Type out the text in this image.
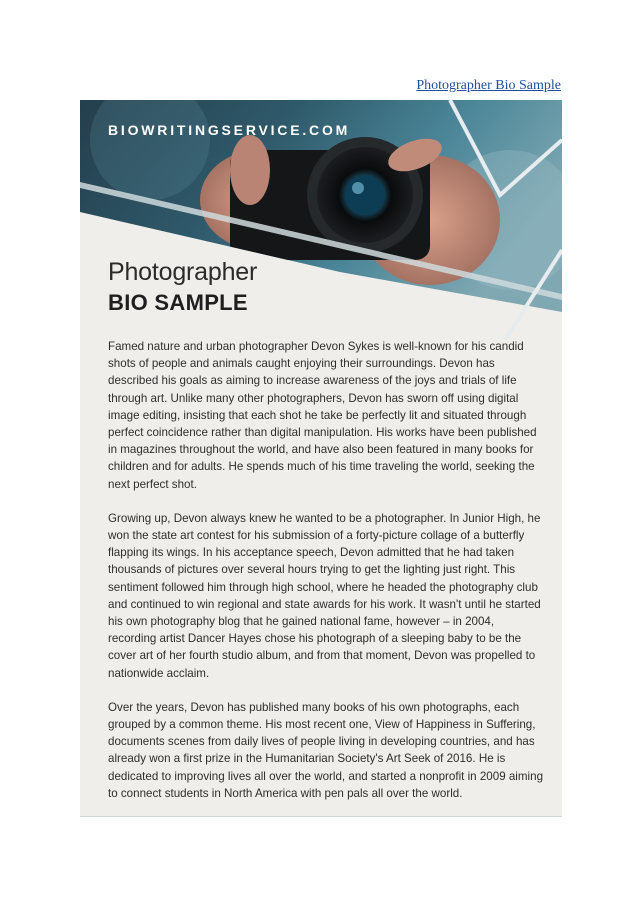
Photographer Bio Sample
BIOWRITINGSERVICE.COM
Photographer
BIO SAMPLE

Famed nature and urban photographer Devon Sykes is well-known for his candid shots of people and animals caught enjoying their surroundings. Devon has described his goals as aiming to increase awareness of the joys and trials of life through art. Unlike many other photographers, Devon has sworn off using digital image editing, insisting that each shot he take be perfectly lit and situated through perfect coincidence rather than digital manipulation. His works have been published in magazines throughout the world, and have also been featured in many books for children and for adults. He spends much of his time traveling the world, seeking the next perfect shot.

Growing up, Devon always knew he wanted to be a photographer. In Junior High, he won the state art contest for his submission of a forty-picture collage of a butterfly flapping its wings. In his acceptance speech, Devon admitted that he had taken thousands of pictures over several hours trying to get the lighting just right. This sentiment followed him through high school, where he headed the photography club and continued to win regional and state awards for his work. It wasn't until he started his own photography blog that he gained national fame, however – in 2004, recording artist Dancer Hayes chose his photograph of a sleeping baby to be the cover art of her fourth studio album, and from that moment, Devon was propelled to nationwide acclaim.

Over the years, Devon has published many books of his own photographs, each grouped by a common theme. His most recent one, View of Happiness in Suffering, documents scenes from daily lives of people living in developing countries, and has already won a first prize in the Humanitarian Society's Art Seek of 2016. He is dedicated to improving lives all over the world, and started a nonprofit in 2009 aiming to connect students in North America with pen pals all over the world.
